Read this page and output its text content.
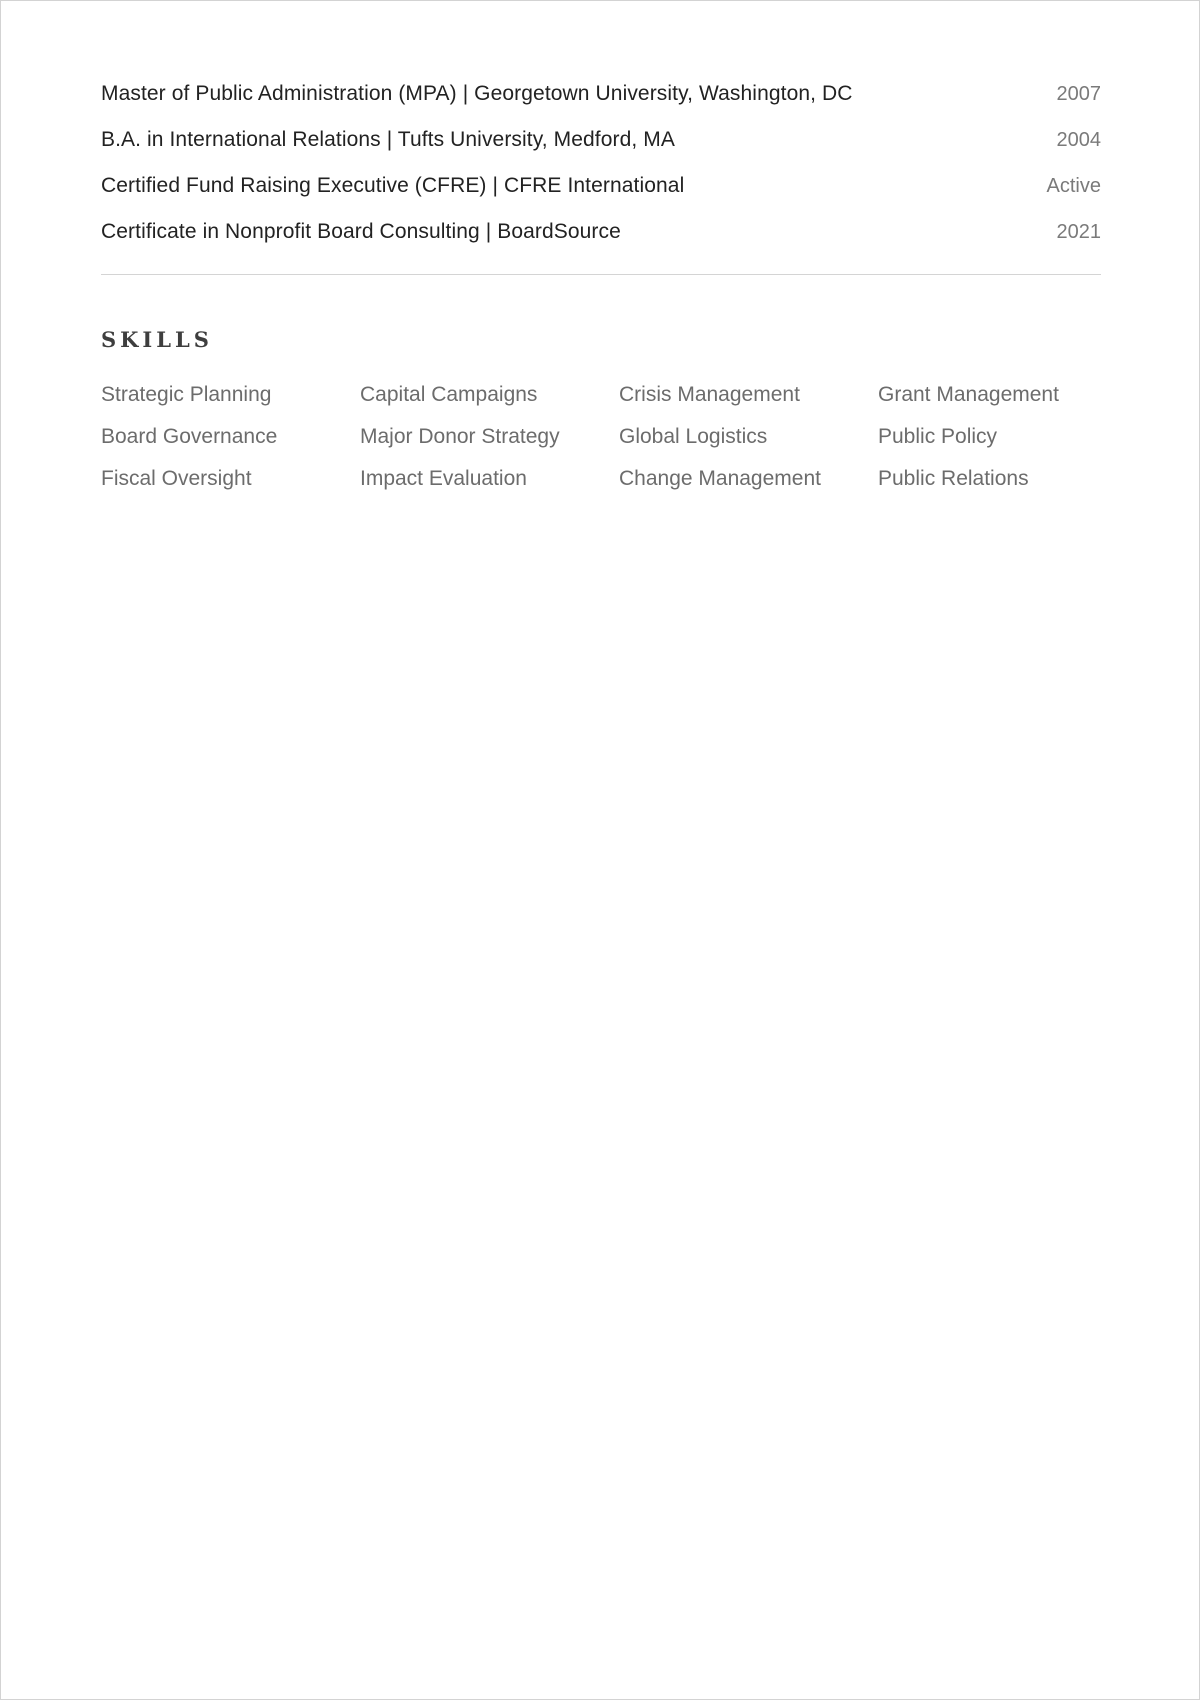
Master of Public Administration (MPA) | Georgetown University, Washington, DC	2007
B.A. in International Relations | Tufts University, Medford, MA	2004
Certified Fund Raising Executive (CFRE) | CFRE International	Active
Certificate in Nonprofit Board Consulting | BoardSource	2021
SKILLS
Strategic Planning	Capital Campaigns	Crisis Management	Grant Management
Board Governance	Major Donor Strategy	Global Logistics	Public Policy
Fiscal Oversight	Impact Evaluation	Change Management	Public Relations
